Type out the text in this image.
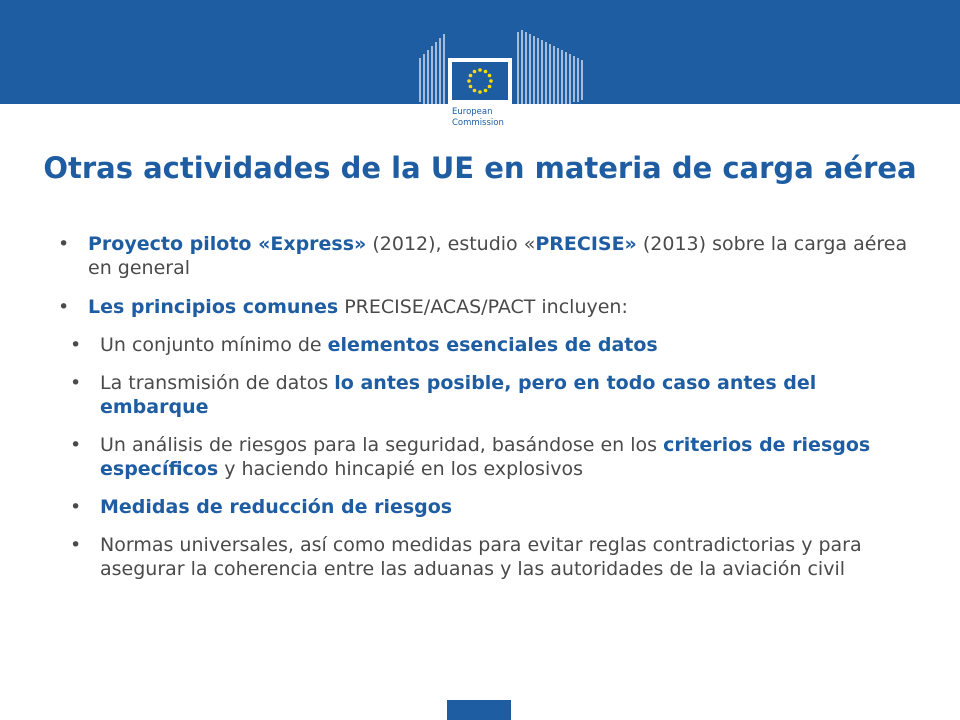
European
Commission
Otras actividades de la UE en materia de carga aérea
• Proyecto piloto «Express» (2012), estudio «PRECISE» (2013) sobre la carga aérea en general
• Les principios comunes PRECISE/ACAS/PACT incluyen:
• Un conjunto mínimo de elementos esenciales de datos
• La transmisión de datos lo antes posible, pero en todo caso antes del embarque
• Un análisis de riesgos para la seguridad, basándose en los criterios de riesgos específicos y haciendo hincapié en los explosivos
• Medidas de reducción de riesgos
• Normas universales, así como medidas para evitar reglas contradictorias y para asegurar la coherencia entre las aduanas y las autoridades de la aviación civil
